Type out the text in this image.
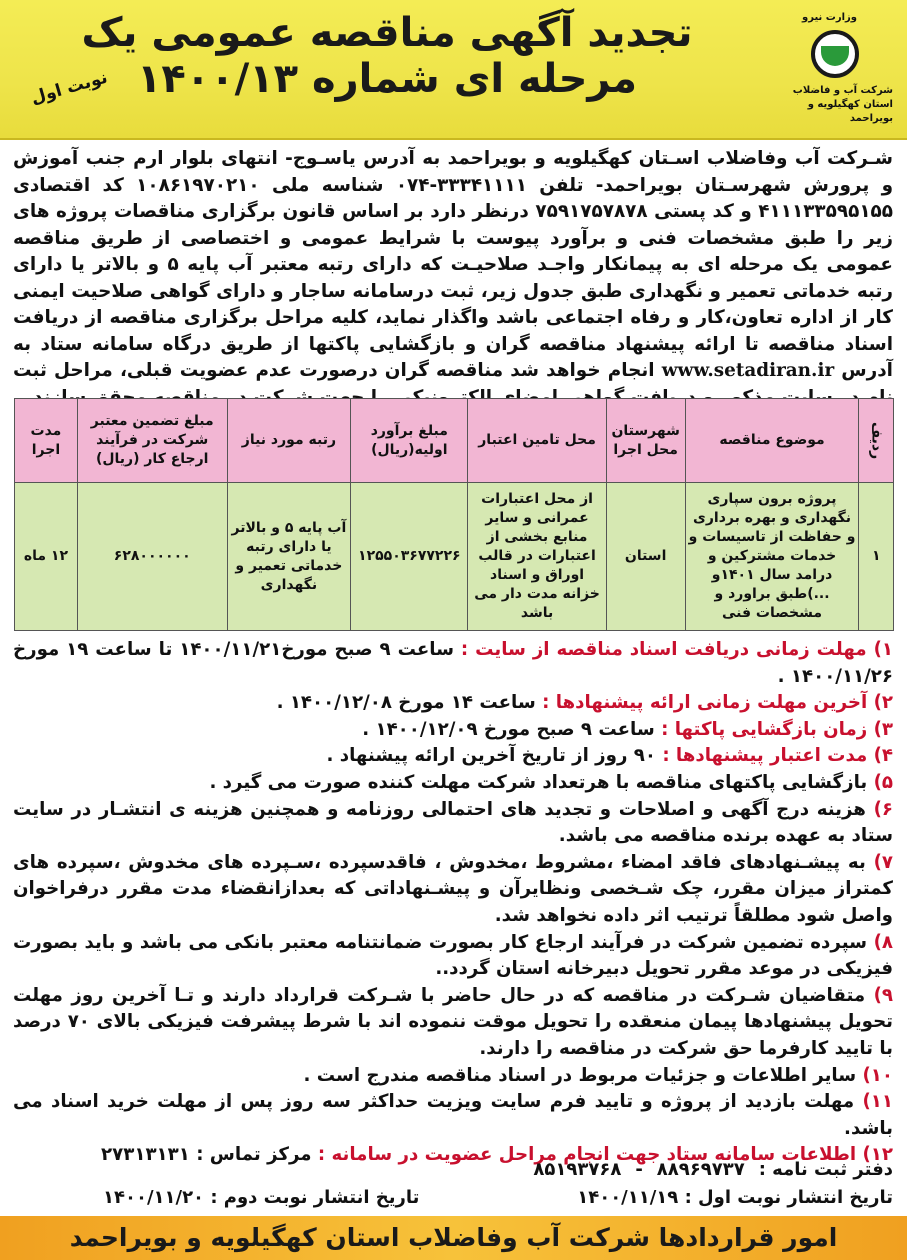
وزارت نیرو
شرکت آب و فاضلاب
استان کهگیلویه و بویراحمد
تجدید آگهی مناقصه عمومی یک مرحله ای شماره ۱۴۰۰/۱۳
نوبت اول

شـرکت آب وفاضلاب اسـتان کهگیلویه و بویراحمد به آدرس یاسـوج- انتهای بلوار ارم جنب آموزش و پرورش شهرسـتان بویراحمد- تلفن ۳۳۳۴۱۱۱۱-۰۷۴ شناسه ملی ۱۰۸۶۱۹۷۰۲۱۰ کد اقتصادی ۴۱۱۱۳۳۵۹۵۱۵۵ و کد پستی ۷۵۹۱۷۵۷۸۷۸ درنظر دارد بر اساس قانون برگزاری مناقصات پروژه های زیر را طبق مشخصات فنی و برآورد پیوست با شرایط عمومی و اختصاصی از طریق مناقصه عمومی یک مرحله ای به پیمانکار واجـد صلاحیـت که دارای رتبه معتبر آب پایه ۵ و بالاتر یا دارای رتبه خدماتی تعمیر و نگهداری طبق جدول زیر، ثبت درسامانه ساجار و دارای گواهی صلاحیت ایمنی کار از اداره تعاون،کار و رفاه اجتماعی باشد واگذار نماید، کلیه مراحل برگزاری مناقصه از دریافت اسناد مناقصه تا ارائه پیشنهاد مناقصه گران و بازگشایی پاکتها از طریق درگاه سامانه ستاد به آدرس www.setadiran.ir انجام خواهد شد مناقصه گران درصورت عدم عضویت قبلی، مراحل ثبت نام در سایت مذکور و دریافت گواهی امضای الکترونیکی را جهت شرکت در مناقصه محقق سازند.

ردیف	موضوع مناقصه	شهرستان محل اجرا	محل تامین اعتبار	مبلغ برآورد اولیه(ریال)	رتبه مورد نیاز	مبلغ تضمین معتبر شرکت در فرآیند ارجاع کار (ریال)	مدت اجرا
۱	پروژه برون سپاری نگهداری و بهره برداری و حفاظت از تاسیسات و خدمات مشترکین و درامد سال ۱۴۰۱و ...)طبق براورد و مشخصات فنی	استان	از محل اعتبارات عمرانی و سایر منابع بخشی از اعتبارات در قالب اوراق و اسناد خزانه مدت دار می باشد	۱۲۵۵۰۳۶۷۷۲۲۶	آب پایه ۵ و بالاتر یا دارای رتبه خدماتی تعمیر و نگهداری	۶۲۸۰۰۰۰۰۰	۱۲ ماه
۱) مهلت زمانی دریافت اسناد مناقصه از سایت : ساعت ۹ صبح مورخ۱۴۰۰/۱۱/۲۱ تا ساعت ۱۹ مورخ ۱۴۰۰/۱۱/۲۶ .
۲) آخرین مهلت زمانی ارائه پیشنهادها : ساعت ۱۴ مورخ ۱۴۰۰/۱۲/۰۸ .
۳) زمان بازگشایی پاکتها : ساعت ۹ صبح مورخ ۱۴۰۰/۱۲/۰۹ .
۴) مدت اعتبار پیشنهادها : ۹۰ روز از تاریخ آخرین ارائه پیشنهاد .
۵) بازگشایی پاکتهای مناقصه با هرتعداد شرکت مهلت کننده صورت می گیرد .
۶) هزینه درج آگهی و اصلاحات و تجدید های احتمالی روزنامه و همچنین هزینه ی انتشـار در سایت ستاد به عهده برنده مناقصه می باشد.
۷) به پیشـنهادهای فاقد امضاء ،مشروط ،مخدوش ، فاقدسپرده ،سـپرده های مخدوش ،سپرده های کمتراز میزان مقرر، چک شـخصی ونظایرآن و پیشـنهاداتی که بعدازانقضاء مدت مقرر درفراخوان واصل شود مطلقاً ترتیب اثر داده نخواهد شد.
۸) سپرده تضمین شرکت در فرآیند ارجاع کار بصورت ضمانتنامه معتبر بانکی می باشد و باید بصورت فیزیکی در موعد مقرر تحویل دبیرخانه استان گردد..
۹) متقاضیان شـرکت در مناقصه که در حال حاضر با شـرکت قرارداد دارند و تـا آخرین روز مهلت تحویل پیشنهادها پیمان منعقده را تحویل موقت ننموده اند با شرط پیشرفت فیزیکی بالای ۷۰ درصد با تایید کارفرما حق شرکت در مناقصه را دارند.
۱۰) سایر اطلاعات و جزئیات مربوط در اسناد مناقصه مندرج است .
۱۱) مهلت بازدید از پروژه و تایید فرم سایت ویزیت حداکثر سه روز پس از مهلت خرید اسناد می باشد.
۱۲) اطلاعات سامانه ستاد جهت انجام مراحل عضویت در سامانه : مرکز تماس : ۲۷۳۱۳۱۳۱
دفتر ثبت نامه :
۸۸۹۶۹۷۳۷
-
۸۵۱۹۳۷۶۸
تاریخ انتشار نوبت اول : ۱۴۰۰/۱۱/۱۹
تاریخ انتشار نوبت دوم : ۱۴۰۰/۱۱/۲۰
امور قراردادها شرکت آب وفاضلاب استان کهگیلویه و بویراحمد
